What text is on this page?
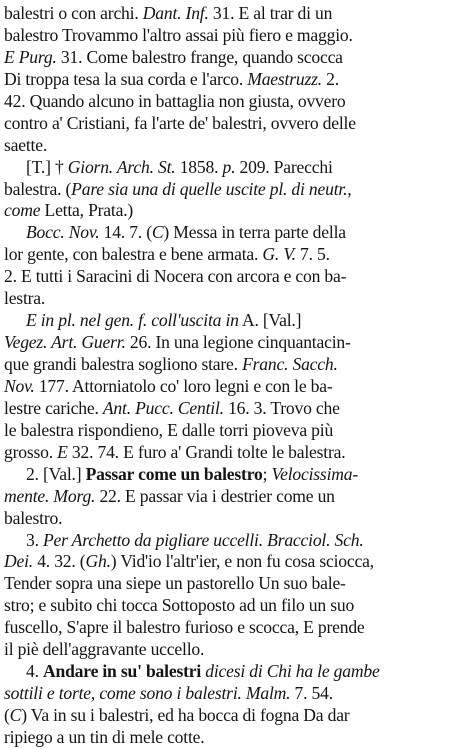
balestri o con archi. Dant. Inf. 31. E al trar di un
balestro Trovammo l'altro assai più fiero e maggio.
E Purg. 31. Come balestro frange, quando scocca
Di troppa tesa la sua corda e l'arco. Maestruzz. 2.
42. Quando alcuno in battaglia non giusta, ovvero
contro a' Cristiani, fa l'arte de' balestri, ovvero delle
saette.
[T.] † Giorn. Arch. St. 1858. p. 209. Parecchi
balestra. (Pare sia una di quelle uscite pl. di neutr.,
come Letta, Prata.)
Bocc. Nov. 14. 7. (C) Messa in terra parte della
lor gente, con balestra e bene armata. G. V. 7. 5.
2. E tutti i Saracini di Nocera con arcora e con ba-
lestra.
E in pl. nel gen. f. coll'uscita in A. [Val.]
Vegez. Art. Guerr. 26. In una legione cinquantacin-
que grandi balestra sogliono stare. Franc. Sacch.
Nov. 177. Attorniatolo co' loro legni e con le ba-
lestre cariche. Ant. Pucc. Centil. 16. 3. Trovo che
le balestra rispondieno, E dalle torri pioveva più
grosso. E 32. 74. E furo a' Grandi tolte le balestra.
2. [Val.] Passar come un balestro; Velocissima-
mente. Morg. 22. E passar via i destrier come un
balestro.
3. Per Archetto da pigliare uccelli. Bracciol. Sch.
Dei. 4. 32. (Gh.) Vid'io l'altr'ier, e non fu cosa sciocca,
Tender sopra una siepe un pastorello Un suo bale-
stro; e subito chi tocca Sottoposto ad un filo un suo
fuscello, S'apre il balestro furioso e scocca, E prende
il piè dell'aggravante uccello.
4. Andare in su' balestri dicesi di Chi ha le gambe
sottili e torte, come sono i balestri. Malm. 7. 54.
(C) Va in su i balestri, ed ha bocca di fogna Da dar
ripiego a un tin di mele cotte.
